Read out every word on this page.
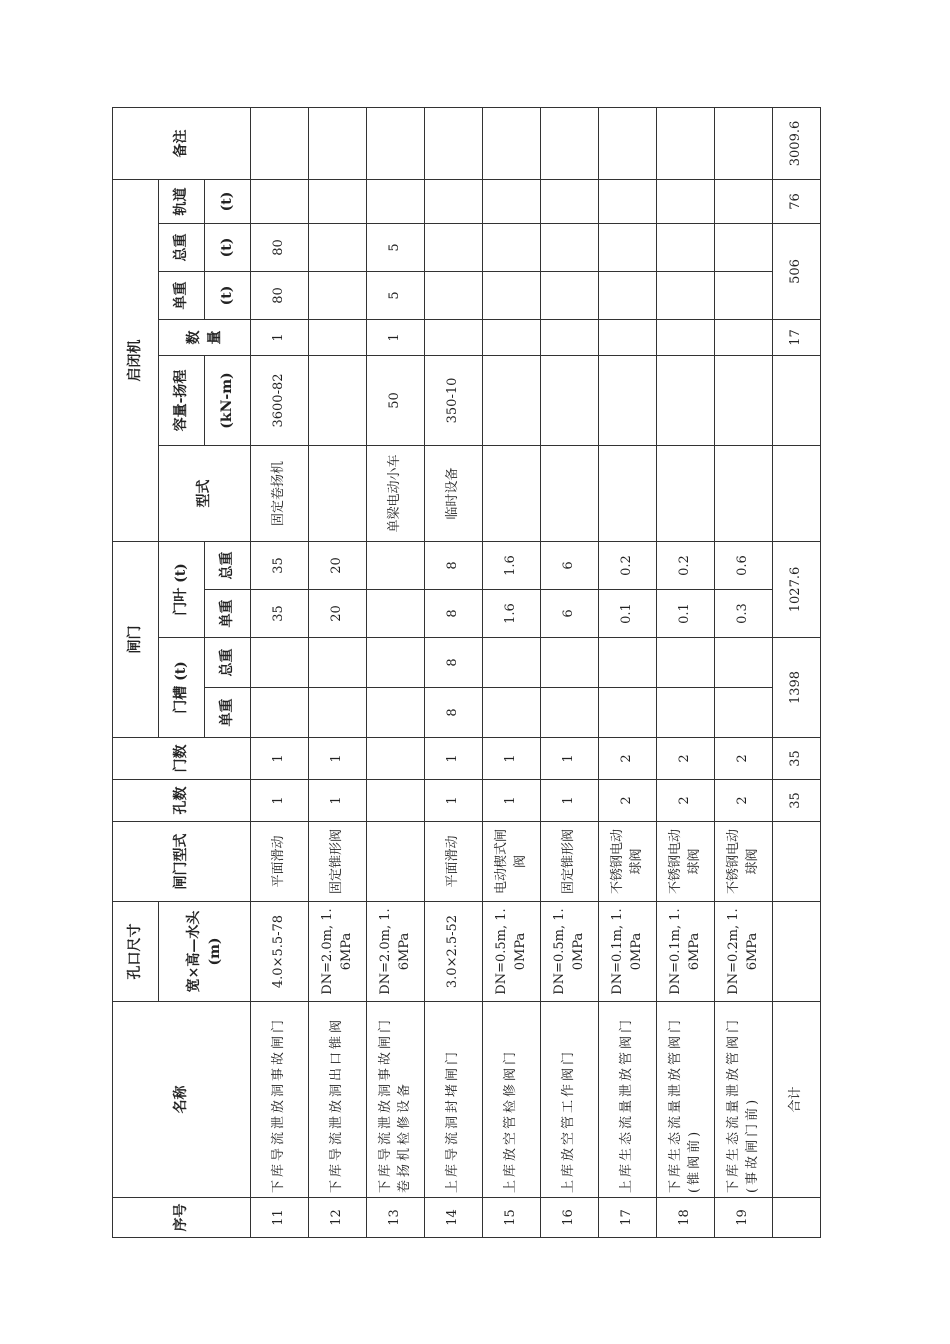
序号	名称	孔口尺寸	闸门型式	孔数	门数	闸门				启闭机						备注
		宽×高—水头(m)				门槽 (t)		门叶 (t)		型式	容量-扬程	数量	单重	总重	轨道	
						单重	总重	单重	总重		(kN-m)		(t)	(t)	(t)	
11	下库导流泄放洞事故闸门	4.0×5.5-78	平面滑动	1	1			35	35	固定卷扬机	3600-82	1	80	80		
12	下库导流泄放洞出口锥阀	DN=2.0m, 1.6MPa	固定锥形阀	1	1			20	20							
13	下库导流泄放洞事故闸门卷扬机检修设备	DN=2.0m, 1.6MPa								单梁电动小车	50	1	5	5		
14	上库导流洞封堵闸门	3.0×2.5-52	平面滑动	1	1	8	8	8	8	临时设备	350-10					
15	上库放空管检修阀门	DN=0.5m, 1.0MPa	电动楔式闸阀	1	1			1.6	1.6							
16	上库放空管工作阀门	DN=0.5m, 1.0MPa	固定锥形阀	1	1			6	6							
17	上库生态流量泄放管阀门	DN=0.1m, 1.0MPa	不锈钢电动球阀	2	2			0.1	0.2							
18	下库生态流量泄放管阀门(锥阀前)	DN=0.1m, 1.6MPa	不锈钢电动球阀	2	2			0.1	0.2							
19	下库生态流量泄放管阀门(事故闸门前)	DN=0.2m, 1.6MPa	不锈钢电动球阀	2	2			0.3	0.6							
	合计			35	35	1398		1027.6				17	506		76	3009.6
